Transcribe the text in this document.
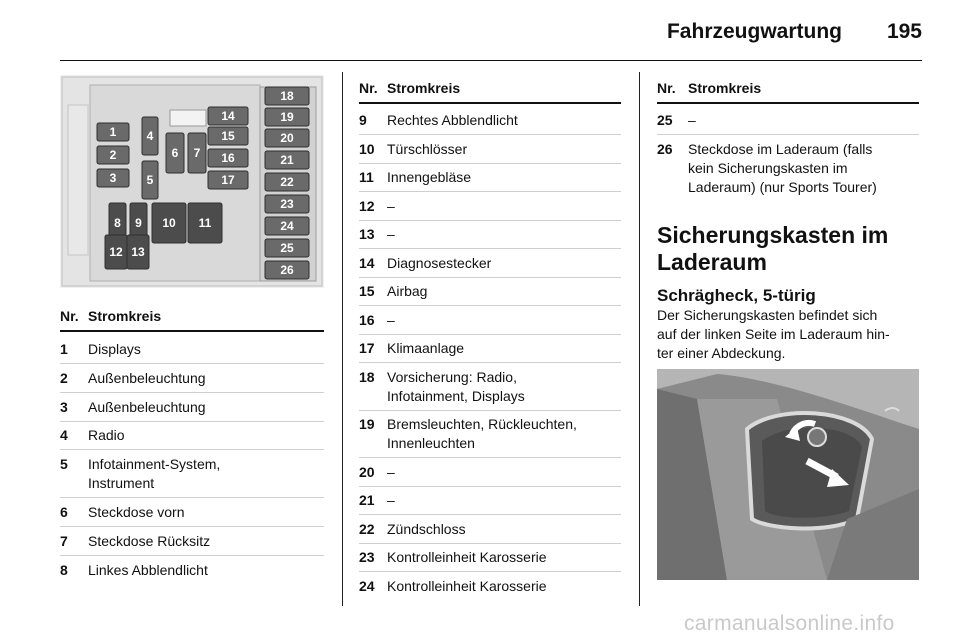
Fahrzeugwartung 195
1
2
3
4
5
6 7
8 9 10 11
12 13
14
15
16
17
18
19
20
21
22
23
24
25
26
Nr. Stromkreis
1 Displays
2 Außenbeleuchtung
3 Außenbeleuchtung
4 Radio
5 Infotainment-System,
Instrument
6 Steckdose vorn
7 Steckdose Rücksitz
8 Linkes Abblendlicht
Nr. Stromkreis
9 Rechtes Abblendlicht
10 Türschlösser
11 Innengebläse
12 –
13 –
14 Diagnosestecker
15 Airbag
16 –
17 Klimaanlage
18 Vorsicherung: Radio,
Infotainment, Displays
19 Bremsleuchten, Rückleuchten,
Innenleuchten
20 –
21 –
22 Zündschloss
23 Kontrolleinheit Karosserie
24 Kontrolleinheit Karosserie
Nr. Stromkreis
25 –
26 Steckdose im Laderaum (falls
kein Sicherungskasten im
Laderaum) (nur Sports Tourer)
Sicherungskasten im
Laderaum
Schrägheck, 5-türig
Der Sicherungskasten befindet sich
auf der linken Seite im Laderaum hin-
ter einer Abdeckung.
carmanualsonline.info
